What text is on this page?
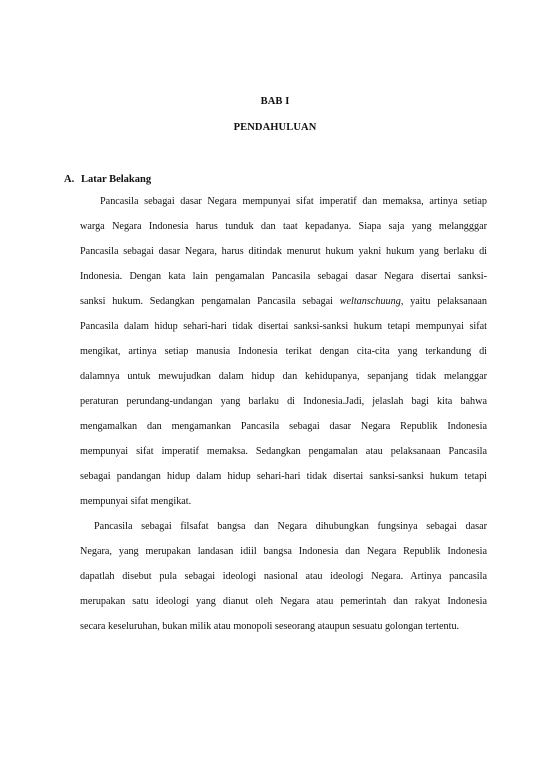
BAB I
PENDAHULUAN
A. Latar Belakang
Pancasila sebagai dasar Negara mempunyai sifat imperatif dan memaksa, artinya setiap
warga Negara Indonesia harus tunduk dan taat kepadanya. Siapa saja yang melangggar
Pancasila sebagai dasar Negara, harus ditindak menurut hukum yakni hukum yang berlaku di
Indonesia. Dengan kata lain pengamalan Pancasila sebagai dasar Negara disertai sanksi-
sanksi hukum. Sedangkan pengamalan Pancasila sebagai weltanschuung, yaitu pelaksanaan
Pancasila dalam hidup sehari-hari tidak disertai sanksi-sanksi hukum tetapi mempunyai sifat
mengikat, artinya setiap manusia Indonesia terikat dengan cita-cita yang terkandung di
dalamnya untuk mewujudkan dalam hidup dan kehidupanya, sepanjang tidak melanggar
peraturan perundang-undangan yang barlaku di Indonesia.Jadi, jelaslah bagi kita bahwa
mengamalkan dan mengamankan Pancasila sebagai dasar Negara Republik Indonesia
mempunyai sifat imperatif memaksa. Sedangkan pengamalan atau pelaksanaan Pancasila
sebagai pandangan hidup dalam hidup sehari-hari tidak disertai sanksi-sanksi hukum tetapi
mempunyai sifat mengikat.
Pancasila sebagai filsafat bangsa dan Negara dihubungkan fungsinya sebagai dasar
Negara, yang merupakan landasan idiil bangsa Indonesia dan Negara Republik Indonesia
dapatlah disebut pula sebagai ideologi nasional atau ideologi Negara. Artinya pancasila
merupakan satu ideologi yang dianut oleh Negara atau pemerintah dan rakyat Indonesia
secara keseluruhan, bukan milik atau monopoli seseorang ataupun sesuatu golongan tertentu.
